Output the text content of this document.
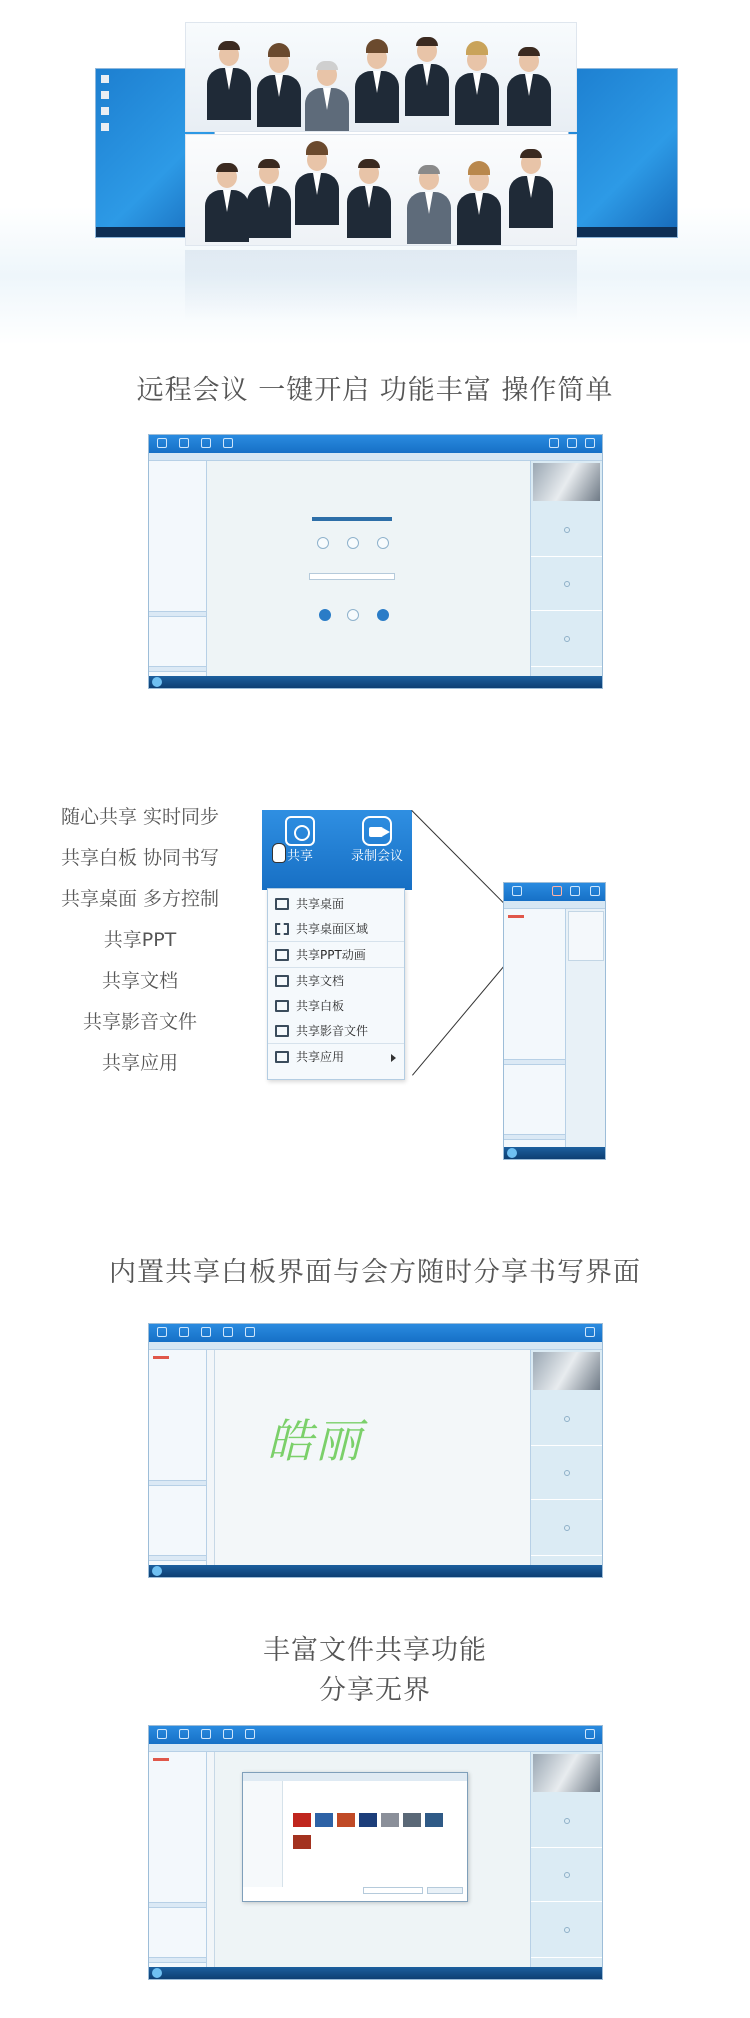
远程会议 一键开启 功能丰富 操作简单
随心共享 实时同步
共享白板 协同书写
共享桌面 多方控制
共享PPT
共享文档
共享影音文件
共享应用
共享	录制会议
共享桌面
共享桌面区域
共享PPT动画
共享文档
共享白板
共享影音文件
共享应用
内置共享白板界面与会方随时分享书写界面
皓丽
丰富文件共享功能
分享无界
